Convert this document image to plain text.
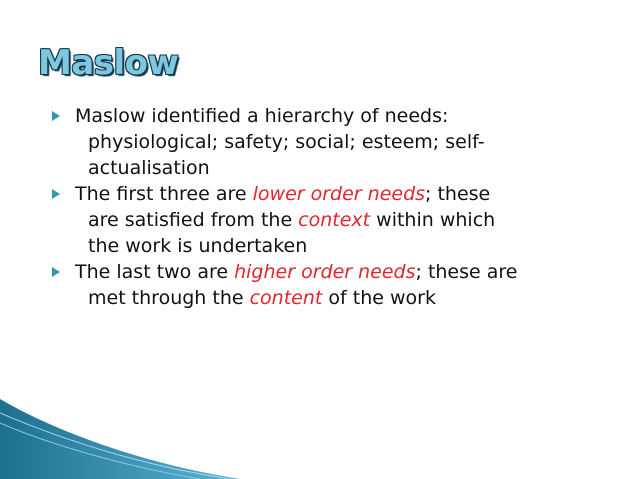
Maslow
Maslow identified a hierarchy of needs:
physiological; safety; social; esteem; self-
actualisation
The first three are lower order needs; these
are satisfied from the context within which
the work is undertaken
The last two are higher order needs; these are
met through the content of the work
